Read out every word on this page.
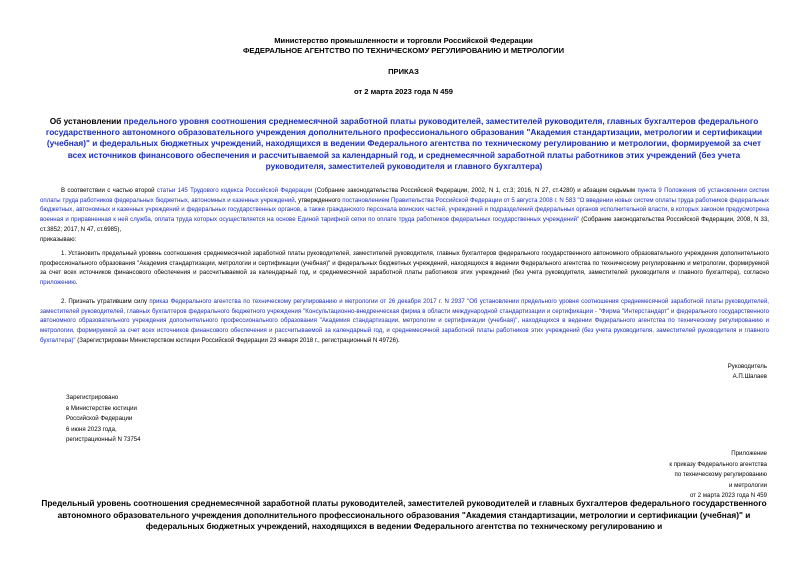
Министерство промышленности и торговли Российской Федерации
ФЕДЕРАЛЬНОЕ АГЕНТСТВО ПО ТЕХНИЧЕСКОМУ РЕГУЛИРОВАНИЮ И МЕТРОЛОГИИ
ПРИКАЗ
от 2 марта 2023 года N 459
Об установлении предельного уровня соотношения среднемесячной заработной платы руководителей, заместителей руководителя, главных бухгалтеров федерального государственного автономного образовательного учреждения дополнительного профессионального образования "Академия стандартизации, метрологии и сертификации (учебная)" и федеральных бюджетных учреждений, находящихся в ведении Федерального агентства по техническому регулированию и метрологии, формируемой за счет всех источников финансового обеспечения и рассчитываемой за календарный год, и среднемесячной заработной платы работников этих учреждений (без учета руководителя, заместителей руководителя и главного бухгалтера)

В соответствии с частью второй статьи 145 Трудового кодекса Российской Федерации (Собрание законодательства Российской Федерации, 2002, N 1, ст.3; 2016, N 27, ст.4280) и абзацем седьмым пункта 9 Положения об установлении систем оплаты труда работников федеральных бюджетных, автономных и казенных учреждений, утвержденного постановлением Правительства Российской Федерации от 5 августа 2008 г. N 583 "О введении новых систем оплаты труда работников федеральных бюджетных, автономных и казенных учреждений и федеральных государственных органов, а также гражданского персонала воинских частей, учреждений и подразделений федеральных органов исполнительной власти, в которых законом предусмотрена военная и приравненная к ней служба, оплата труда которых осуществляется на основе Единой тарифной сетки по оплате труда работников федеральных государственных учреждений" (Собрание законодательства Российской Федерации, 2008, N 33, ст.3852; 2017, N 47, ст.6985),

приказываю:

1. Установить предельный уровень соотношения среднемесячной заработной платы руководителей, заместителей руководителя, главных бухгалтеров федерального государственного автономного образовательного учреждения дополнительного профессионального образования "Академия стандартизации, метрологии и сертификации (учебная)" и федеральных бюджетных учреждений, находящихся в ведении Федерального агентства по техническому регулированию и метрологии, формируемой за счет всех источников финансового обеспечения и рассчитываемой за календарный год, и среднемесячной заработной платы работников этих учреждений (без учета руководителя, заместителей руководителя и главного бухгалтера), согласно приложению.

2. Признать утратившим силу приказ Федерального агентства по техническому регулированию и метрологии от 26 декабря 2017 г. N 2937 "Об установлении предельного уровня соотношения среднемесячной заработной платы руководителей, заместителей руководителей, главных бухгалтеров федерального бюджетного учреждения "Консультационно-внедренческая фирма в области международной стандартизации и сертификации - "Фирма "Интерстандарт" и федерального государственного автономного образовательного учреждения дополнительного профессионального образования "Академия стандартизации, метрологии и сертификации (учебная)", находящихся в ведении Федерального агентства по техническому регулированию и метрологии, формируемой за счет всех источников финансового обеспечения и рассчитываемой за календарный год, и среднемесячной заработной платы работников этих учреждений (без учета руководителя, заместителей руководителя и главного бухгалтера)" (Зарегистрирован Министерством юстиции Российской Федерации 23 января 2018 г., регистрационный N 49726).

Руководитель
А.П.Шалаев
Зарегистрировано
в Министерстве юстиции
Российской Федерации
6 июня 2023 года,
регистрационный N 73754
Приложение
к приказу Федерального агентства
по техническому регулированию
и метрологии
от 2 марта 2023 года N 459
Предельный уровень соотношения среднемесячной заработной платы руководителей, заместителей руководителей и главных бухгалтеров федерального государственного автономного образовательного учреждения дополнительного профессионального образования "Академия стандартизации, метрологии и сертификации (учебная)" и федеральных бюджетных учреждений, находящихся в ведении Федерального агентства по техническому регулированию и
